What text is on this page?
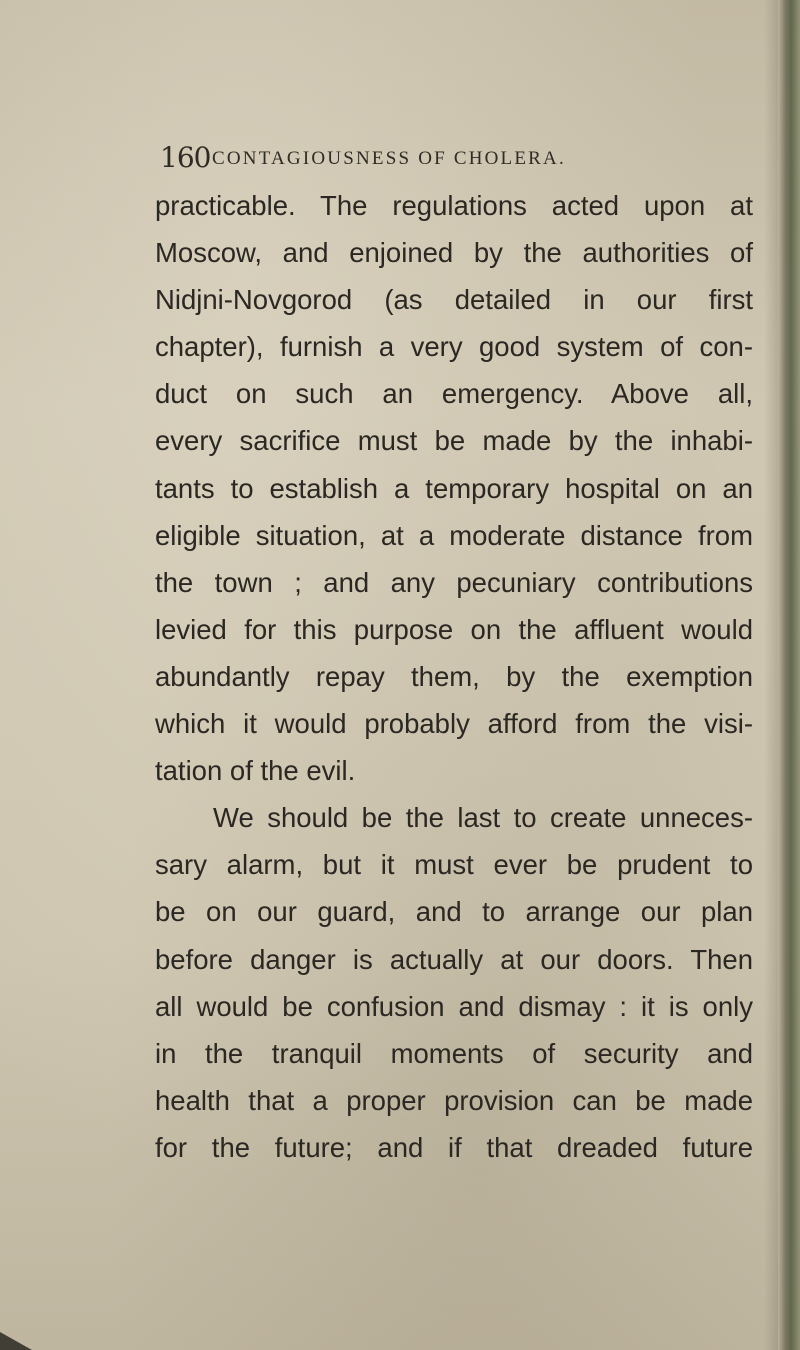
160 CONTAGIOUSNESS OF CHOLERA.
practicable. The regulations acted upon at
Moscow, and enjoined by the authorities of
Nidjni-Novgorod (as detailed in our first
chapter), furnish a very good system of con-
duct on such an emergency. Above all,
every sacrifice must be made by the inhabi-
tants to establish a temporary hospital on an
eligible situation, at a moderate distance from
the town ; and any pecuniary contributions
levied for this purpose on the affluent would
abundantly repay them, by the exemption
which it would probably afford from the visi-
tation of the evil.
We should be the last to create unneces-
sary alarm, but it must ever be prudent to
be on our guard, and to arrange our plan
before danger is actually at our doors. Then
all would be confusion and dismay : it is only
in the tranquil moments of security and
health that a proper provision can be made
for the future; and if that dreaded future
